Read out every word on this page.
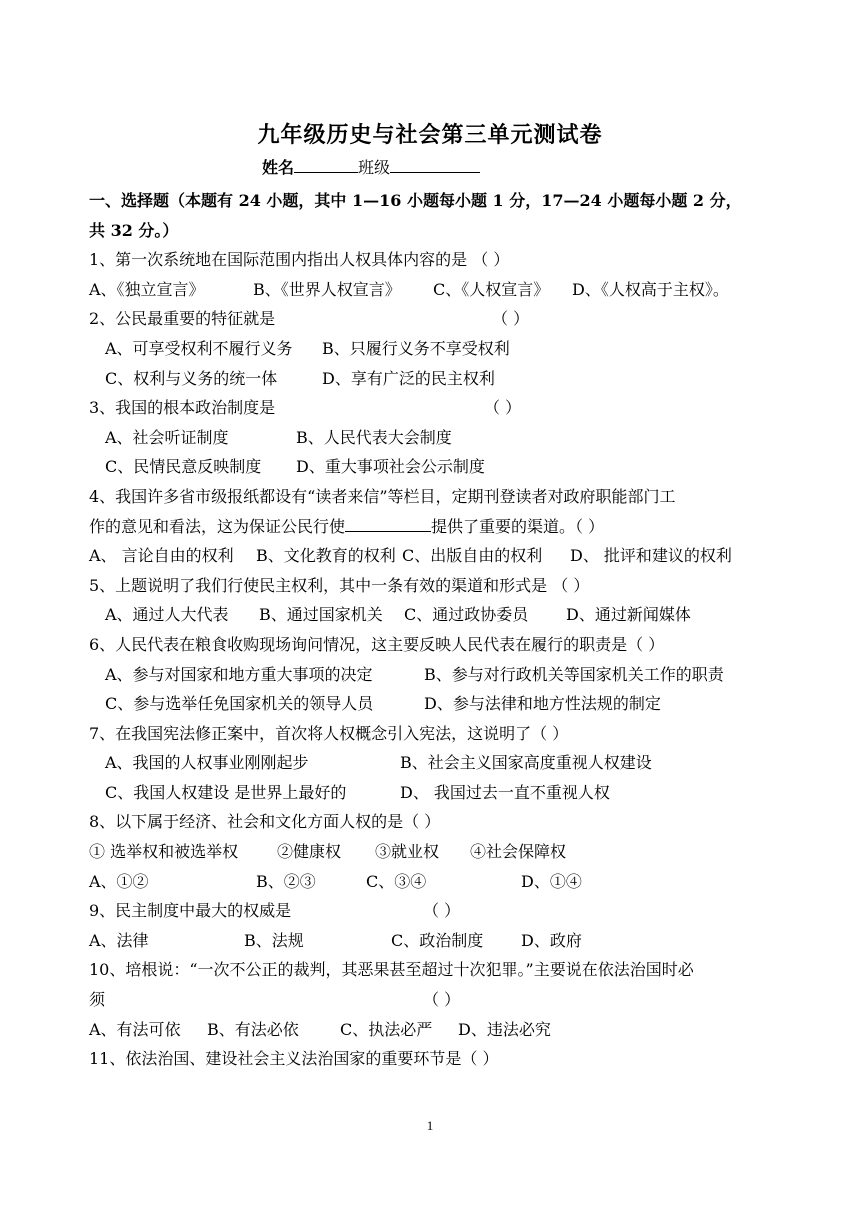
九年级历史与社会第三单元测试卷
姓名	班级
一、选择题（本题有 24 小题，其中 1—16 小题每小题 1 分，17—24 小题每小题 2 分，
共 32 分。）
1、第一次系统地在国际范围内指出人权具体内容的是 （ ）
A、《独立宣言》	B、《世界人权宣言》 C、《人权宣言》 D、《人权高于主权》。
2、公民最重要的特征就是	（ ）
A、可享受权利不履行义务 B、只履行义务不享受权利
C、权利与义务的统一体	D、享有广泛的民主权利
3、我国的根本政治制度是	（ ）
A、社会听证制度	B、人民代表大会制度
C、民情民意反映制度 D、重大事项社会公示制度
4、我国许多省市级报纸都设有“读者来信”等栏目，定期刊登读者对政府职能部门工
作的意见和看法，这为保证公民行使	提供了重要的渠道。（ ）
A、 言论自由的权利 B、文化教育的权利 C、出版自由的权利 D、 批评和建议的权利
5、上题说明了我们行使民主权利，其中一条有效的渠道和形式是 （ ）
A、通过人大代表 B、通过国家机关 C、通过政协委员 D、通过新闻媒体
6、人民代表在粮食收购现场询问情况，这主要反映人民代表在履行的职责是（ ）
A、参与对国家和地方重大事项的决定	B、参与对行政机关等国家机关工作的职责
C、参与选举任免国家机关的领导人员	D、参与法律和地方性法规的制定
7、在我国宪法修正案中，首次将人权概念引入宪法，这说明了（ ）
A、我国的人权事业刚刚起步	B、社会主义国家高度重视人权建设
C、我国人权建设 是世界上最好的	D、 我国过去一直不重视人权
8、以下属于经济、社会和文化方面人权的是（ ）
① 选举权和被选举权 ②健康权 ③就业权 ④社会保障权
A、①②	B、②③	C、③④	D、①④
9、民主制度中最大的权威是	（ ）
A、法律	B、法规	C、政治制度 D、政府
10、培根说：“一次不公正的裁判，其恶果甚至超过十次犯罪。”主要说在依法治国时必
须	（ ）
A、有法可依 B、有法必依	C、执法必严 D、违法必究
11、依法治国、建设社会主义法治国家的重要环节是（ ）
1
